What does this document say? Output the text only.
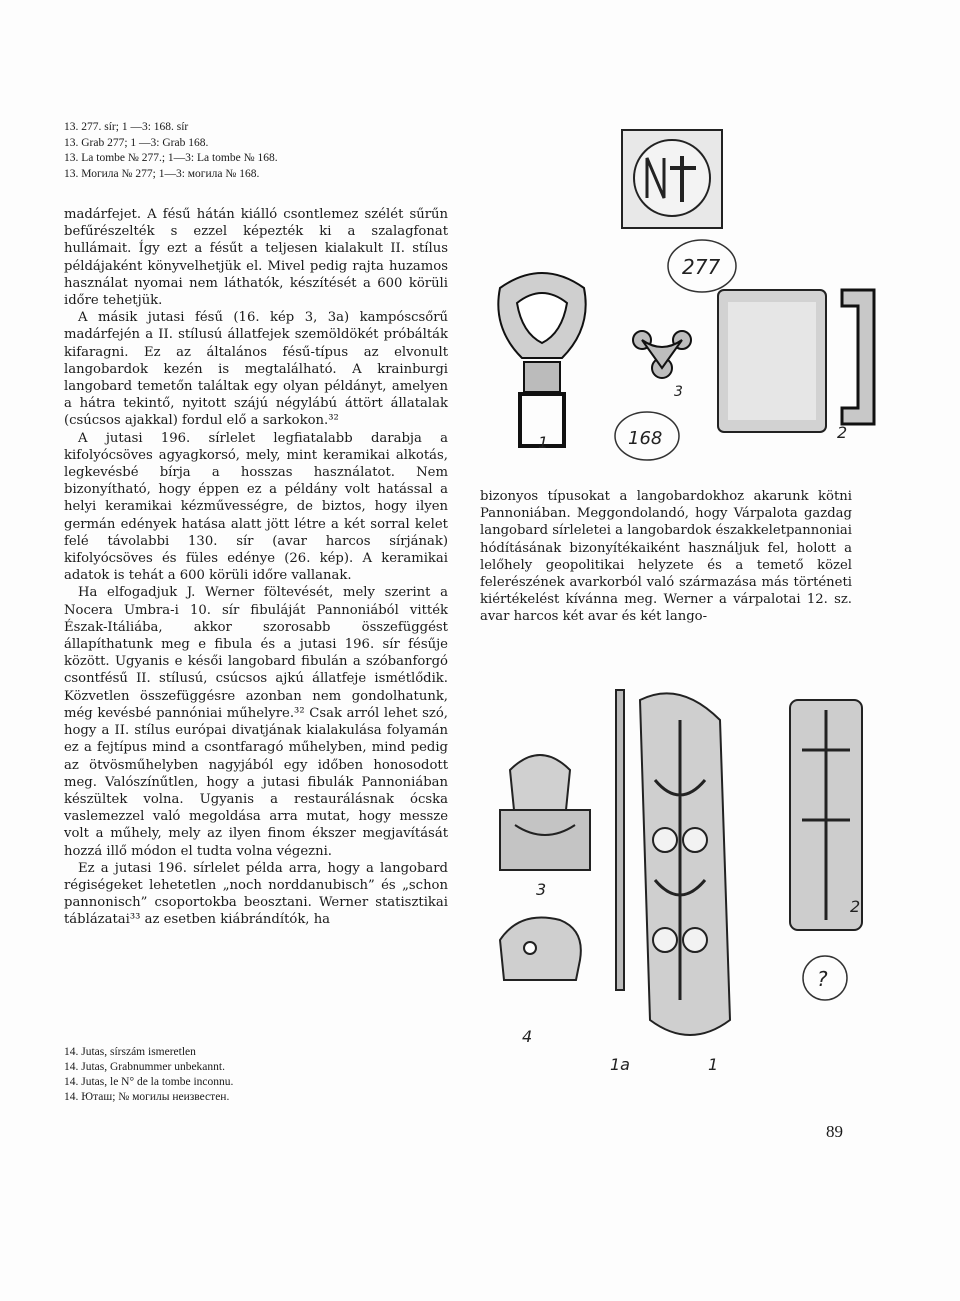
13. 277. sír; 1 —3: 168. sír
13. Grab 277; 1 —3: Grab 168.
13. La tombe № 277.; 1—3: La tombe № 168.
13. Могила № 277; 1—3: могила № 168.

madárfejet. A fésű hátán kiálló csontlemez szélét sűrűn befűrészelték s ezzel képezték ki a szalagfonat hullámait. Így ezt a fésűt a teljesen kialakult II. stílus példájaként könyvelhetjük el. Mivel pedig rajta huzamos használat nyomai nem láthatók, készítését a 600 körüli időre tehetjük.

A másik jutasi fésű (16. kép 3, 3a) kampóscsőrű madárfején a II. stílusú állatfejek szemöldökét próbálták kifaragni. Ez az általános fésű-típus az elvonult langobardok kezén is megtalálható. A krainburgi langobard temetőn találtak egy olyan példányt, amelyen a hátra tekintő, nyitott szájú négylábú áttört állatalak (csúcsos ajakkal) fordul elő a sarkokon.³²

A jutasi 196. sírlelet legfiatalabb darabja a kifolyócsöves agyagkorsó, mely, mint keramikai alkotás, legkevésbé bírja a hosszas használatot. Nem bizonyítható, hogy éppen ez a példány volt hatással a helyi keramikai kézművességre, de biztos, hogy ilyen germán edények hatása alatt jött létre a két sorral kelet felé távolabbi 130. sír (avar harcos sírjának) kifolyócsöves és füles edénye (26. kép). A keramikai adatok is tehát a 600 körüli időre vallanak.

Ha elfogadjuk J. Werner föltevését, mely szerint a Nocera Umbra-i 10. sír fibuláját Pannoniából vitték Észak-Itáliába, akkor szorosabb összefüggést állapíthatunk meg e fibula és a jutasi 196. sír fésűje között. Ugyanis e késői langobard fibulán a szóbanforgó csontfésű II. stílusú, csúcsos ajkú állatfeje ismétlődik. Közvetlen összefüggésre azonban nem gondolhatunk, még kevésbé pannóniai műhelyre.³² Csak arról lehet szó, hogy a II. stílus európai divatjának kialakulása folyamán ez a fejtípus mind a csontfaragó műhelyben, mind pedig az ötvösműhelyben nagyjából egy időben honosodott meg. Valószínűtlen, hogy a jutasi fibulák Pannoniában készültek volna. Ugyanis a restaurálásnak ócska vaslemezzel való megoldása arra mutat, hogy messze volt a műhely, mely az ilyen finom ékszer megjavítását hozzá illő módon el tudta volna végezni.

Ez a jutasi 196. sírlelet példa arra, hogy a langobard régiségeket lehetetlen „noch norddanubisch” és „schon pannonisch” csoportokba beosztani. Werner statisztikai táblázatai³³ az esetben kiábrándítók, ha

277
168
1
2
3

bizonyos típusokat a langobardokhoz akarunk kötni Pannoniában. Meggondolandó, hogy Várpalota gazdag langobard sírleletei a langobardok északkeletpannoniai hódításának bizonyítékaiként használjuk fel, holott a lelőhely geopolitikai helyzete és a temető közel felerészének avarkorból való származása más történeti kiértékelést kívánna meg. Werner a várpalotai 12. sz. avar harcos két avar és két lango-

?
3
2
4
1a	1
14. Jutas, sírszám ismeretlen
14. Jutas, Grabnummer unbekannt.
14. Jutas, le N° de la tombe inconnu.
14. Юташ; № могилы неизвестен.
89
